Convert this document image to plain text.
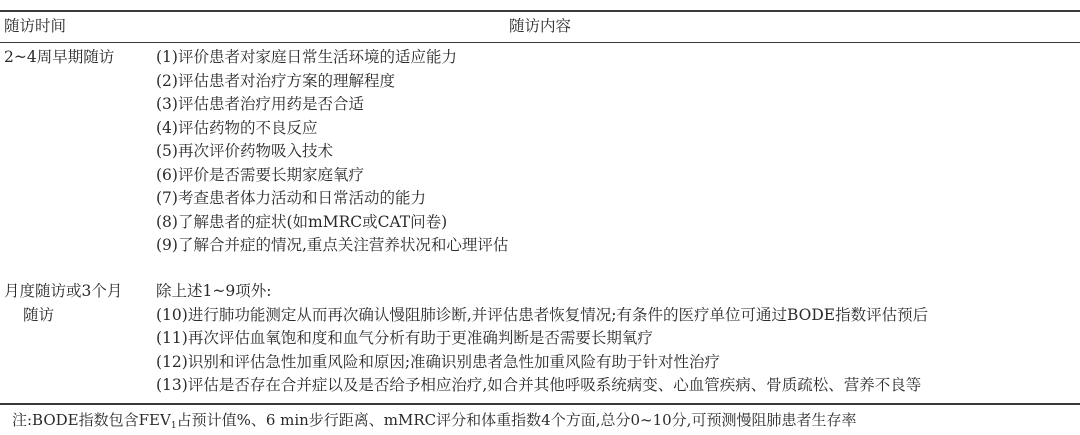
随访时间	随访内容
2~4周早期随访	(1)评价患者对家庭日常生活环境的适应能力
(2)评估患者对治疗方案的理解程度
(3)评估患者治疗用药是否合适
(4)评估药物的不良反应
(5)再次评价药物吸入技术
(6)评价是否需要长期家庭氧疗
(7)考查患者体力活动和日常活动的能力
(8)了解患者的症状(如mMRC或CAT问卷)
(9)了解合并症的情况,重点关注营养状况和心理评估
月度随访或3个月
随访
除上述1~9项外:
(10)进行肺功能测定从而再次确认慢阻肺诊断,并评估患者恢复情况;有条件的医疗单位可通过BODE指数评估预后
(11)再次评估血氧饱和度和血气分析有助于更准确判断是否需要长期氧疗
(12)识别和评估急性加重风险和原因;准确识别患者急性加重风险有助于针对性治疗
(13)评估是否存在合并症以及是否给予相应治疗,如合并其他呼吸系统病变、心血管疾病、骨质疏松、营养不良等
注:BODE指数包含$FEV_1$占预计值%、6 min步行距离、mMRC评分和体重指数4个方面,总分0~10分,可预测慢阻肺患者生存率
